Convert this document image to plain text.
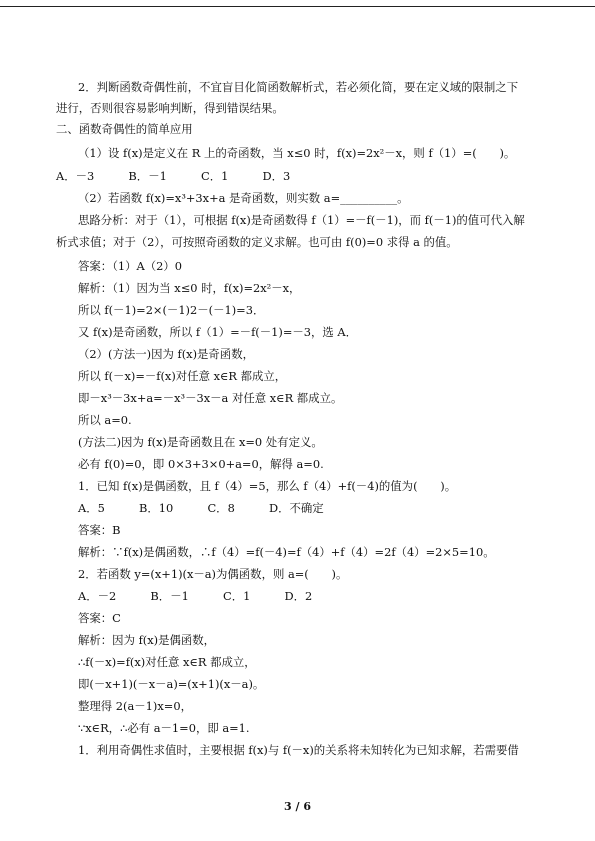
2．判断函数奇偶性前，不宜盲目化简函数解析式，若必须化简，要在定义域的限制之下
进行，否则很容易影响判断，得到错误结果。
二、函数奇偶性的简单应用
（1）设 f(x)是定义在 R 上的奇函数，当 x≤0 时，f(x)=2x²－x，则 f（1）=(　　)。
A．－3　　　B．－1　　　C．1　　　D．3
（2）若函数 f(x)=x³+3x+a 是奇函数，则实数 a=__________。
思路分析：对于（1），可根据 f(x)是奇函数得 f（1）=－f(－1)，而 f(－1)的值可代入解
析式求值；对于（2），可按照奇函数的定义求解。也可由 f(0)=0 求得 a 的值。
答案：（1）A（2）0
解析：（1）因为当 x≤0 时，f(x)=2x²－x，
所以 f(－1)=2×(－1)2－(－1)=3．
又 f(x)是奇函数，所以 f（1）=－f(－1)=－3，选 A．
（2）(方法一)因为 f(x)是奇函数，
所以 f(－x)=－f(x)对任意 x∈R 都成立，
即－x³－3x+a=－x³－3x－a 对任意 x∈R 都成立。
所以 a=0.
(方法二)因为 f(x)是奇函数且在 x=0 处有定义。
必有 f(0)=0，即 0×3+3×0+a=0，解得 a=0.
1．已知 f(x)是偶函数，且 f（4）=5，那么 f（4）+f(－4)的值为(　　)。
A．5　　　B．10　　　C．8　　　D．不确定
答案：B
解析：∵f(x)是偶函数，∴f（4）=f(－4)=f（4）+f（4）=2f（4）=2×5=10。
2．若函数 y=(x+1)(x－a)为偶函数，则 a=(　　)。
A．－2　　　B．－1　　　C．1　　　D．2
答案：C
解析：因为 f(x)是偶函数，
∴f(－x)=f(x)对任意 x∈R 都成立，
即(－x+1)(－x－a)=(x+1)(x－a)。
整理得 2(a－1)x=0，
∵x∈R，∴必有 a－1=0，即 a=1.
1．利用奇偶性求值时，主要根据 f(x)与 f(－x)的关系将未知转化为已知求解，若需要借
3 / 6
